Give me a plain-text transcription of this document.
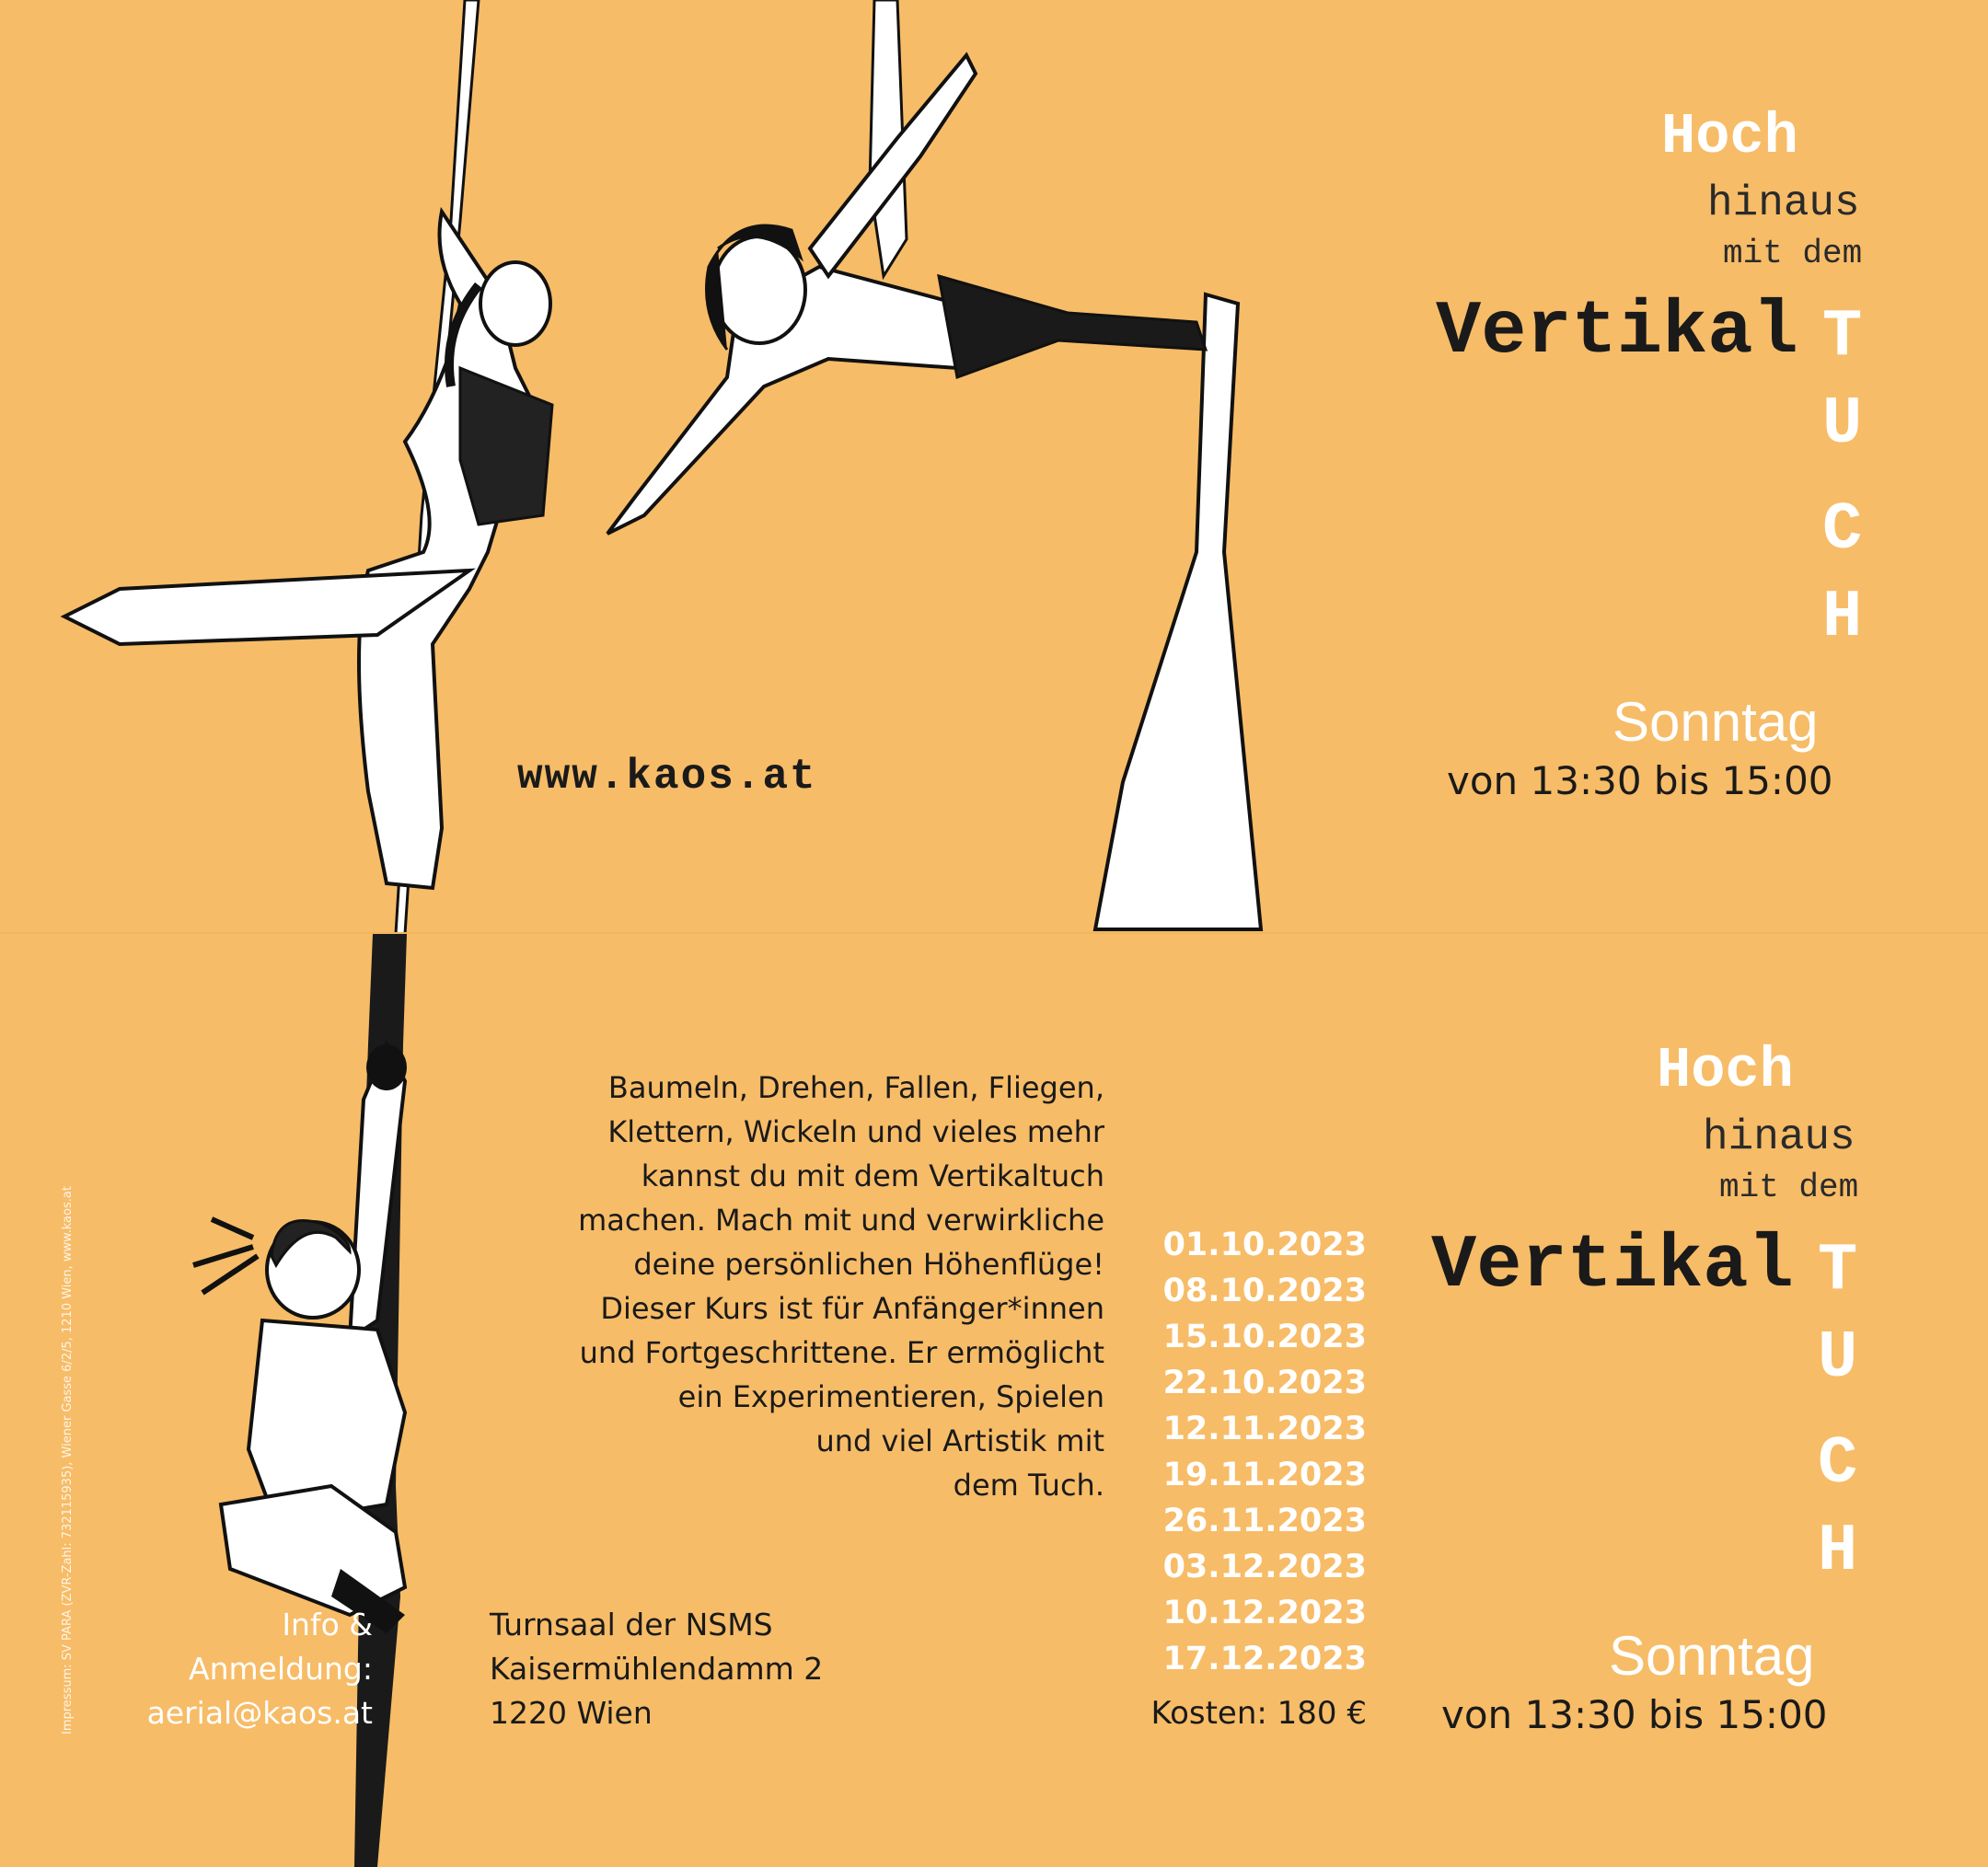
www.kaos.at
Hoch
hinaus
mit dem
Vertikal T
U
C
H
Sonntag
von 13:30 bis 15:00
Impressum: SV PARA (ZVR-Zahl: 732115935), Wiener Gasse 6/2/5, 1210 Wien, www.kaos.at
Baumeln, Drehen, Fallen, Fliegen,
Klettern, Wickeln und vieles mehr
kannst du mit dem Vertikaltuch
machen. Mach mit und verwirkliche
deine persönlichen Höhenflüge!
Dieser Kurs ist für Anfänger*innen
und Fortgeschrittene. Er ermöglicht
ein Experimentieren, Spielen
und viel Artistik mit
dem Tuch.
01.10.2023
08.10.2023
15.10.2023
22.10.2023
12.11.2023
19.11.2023
26.11.2023
03.12.2023
10.12.2023
17.12.2023
Kosten: 180 €
Info &
Anmeldung:
aerial@kaos.at
Turnsaal der NSMS
Kaisermühlendamm 2
1220 Wien
Hoch
hinaus
mit dem
Vertikal T
U
C
H
Sonntag
von 13:30 bis 15:00
